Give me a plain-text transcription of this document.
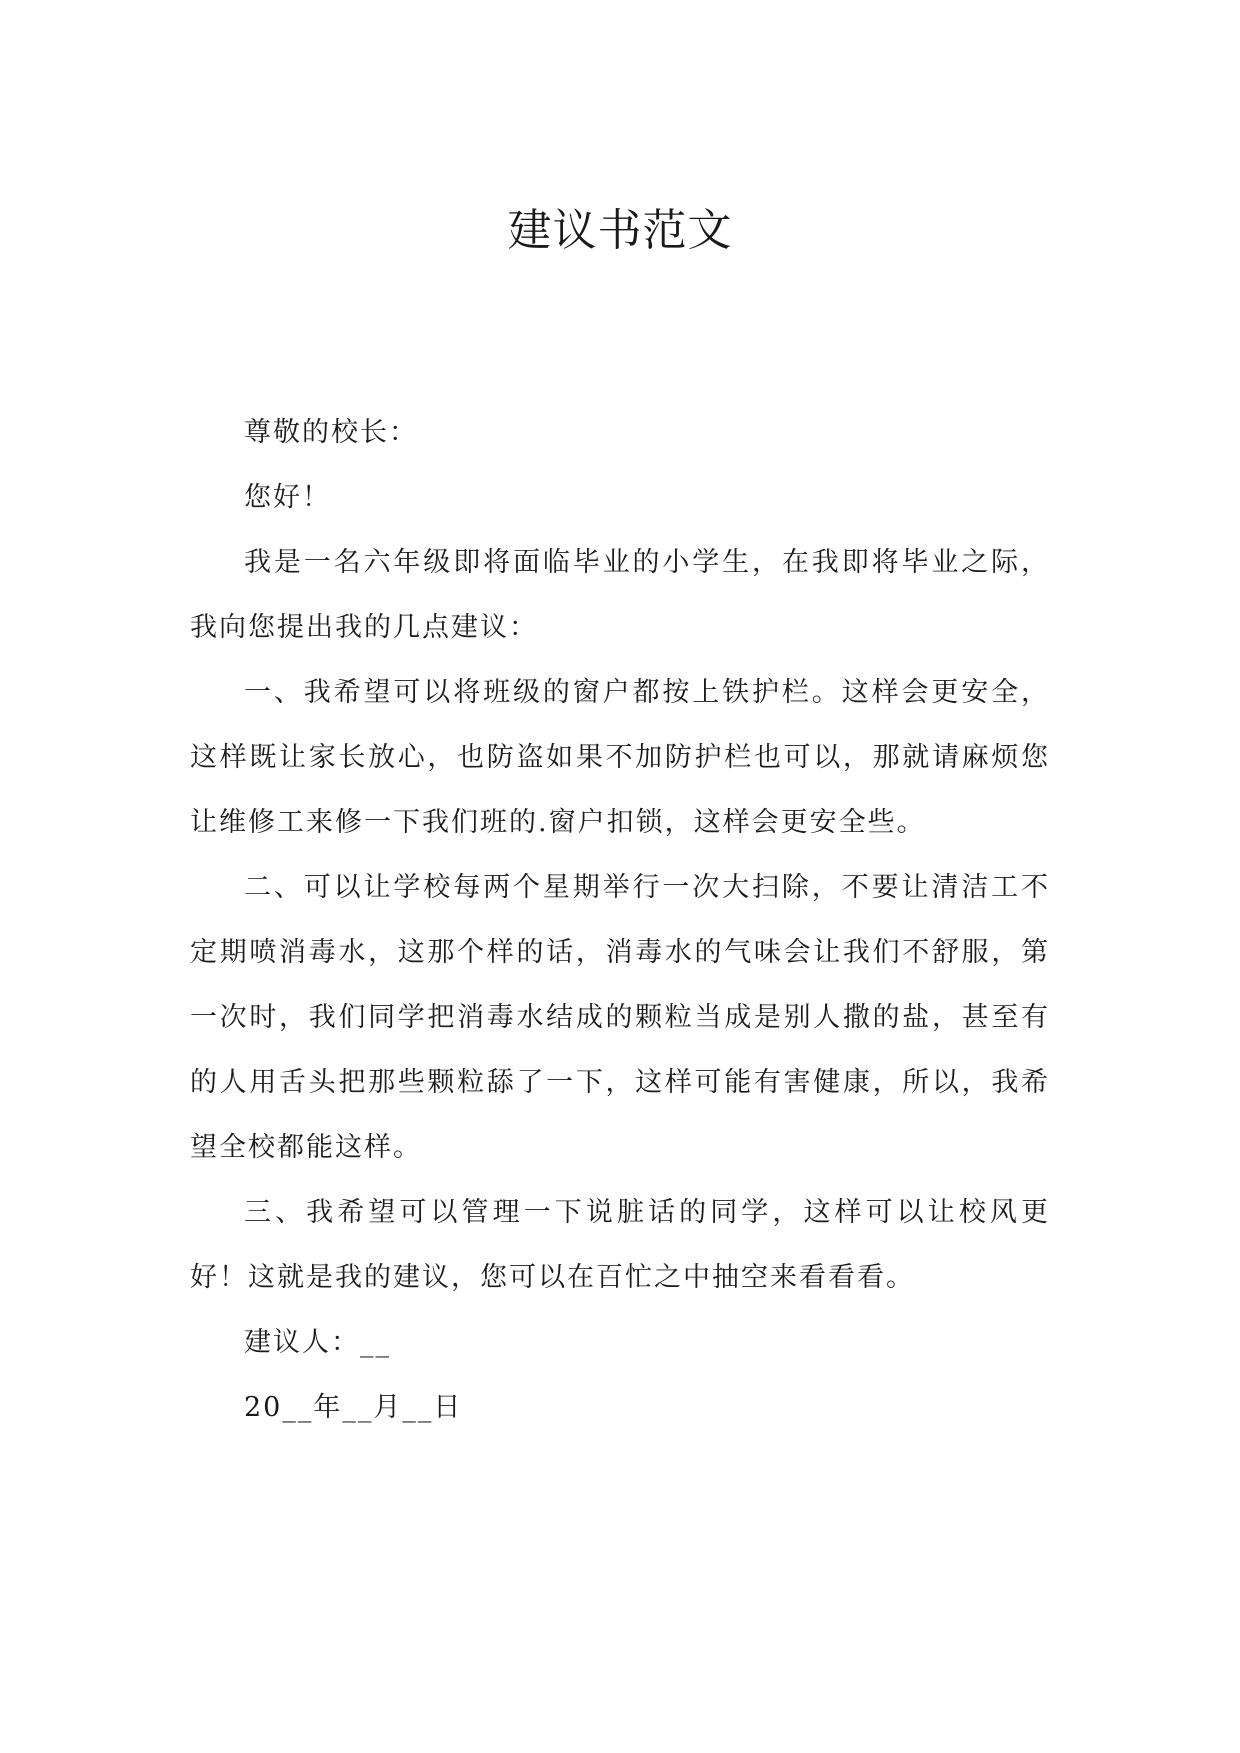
建议书范文

尊敬的校长：

您好！

我是一名六年级即将面临毕业的小学生，在我即将毕业之际，我向您提出我的几点建议：

一、我希望可以将班级的窗户都按上铁护栏。这样会更安全，这样既让家长放心，也防盗如果不加防护栏也可以，那就请麻烦您让维修工来修一下我们班的.窗户扣锁，这样会更安全些。

二、可以让学校每两个星期举行一次大扫除，不要让清洁工不定期喷消毒水，这那个样的话，消毒水的气味会让我们不舒服，第一次时，我们同学把消毒水结成的颗粒当成是别人撒的盐，甚至有的人用舌头把那些颗粒舔了一下，这样可能有害健康，所以，我希望全校都能这样。

三、我希望可以管理一下说脏话的同学，这样可以让校风更好！这就是我的建议，您可以在百忙之中抽空来看看看。

建议人：__

20__年__月__日
